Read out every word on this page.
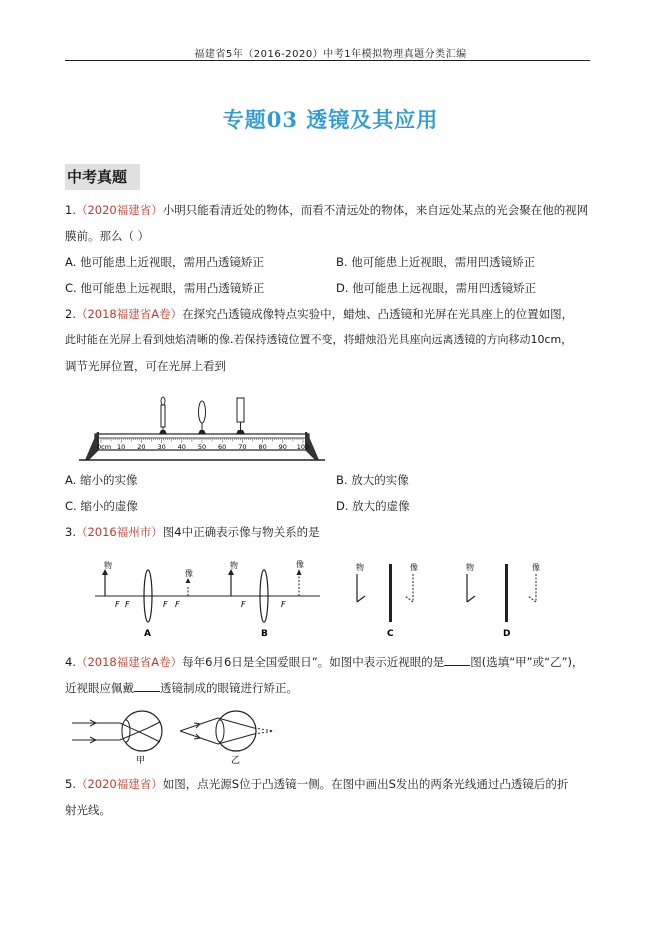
福建省5年（2016-2020）中考1年模拟物理真题分类汇编
专题03 透镜及其应用
中考真题
1.（2020福建省）小明只能看清近处的物体，而看不清远处的物体，来自远处某点的光会聚在他的视网
膜前。那么（ ）
A. 他可能患上近视眼，需用凸透镜矫正	B. 他可能患上近视眼，需用凹透镜矫正
C. 他可能患上远视眼，需用凸透镜矫正	D. 他可能患上远视眼，需用凹透镜矫正
2.（2018福建省A卷）在探究凸透镜成像特点实验中，蜡烛、凸透镜和光屏在光具座上的位置如图，
此时能在光屏上看到烛焰清晰的像.若保持透镜位置不变，将蜡烛沿光具座向远离透镜的方向移动10cm，
调节光屏位置，可在光屏上看到
0cm 10 20 30 40 50 60 70 80 90 100
A. 缩小的实像	B. 放大的实像
C. 缩小的虚像	D. 放大的虚像
3.（2016福州市）图4中正确表示像与物关系的是
物
F F	F F
像
A
物
F	F
像
B
物	像
C
物	像
D
4.（2018福建省A卷）每年6月6日是全国爱眼日”。如图中表示近视眼的是 图(选填“甲”或“乙”)，
近视眼应佩戴 透镜制成的眼镜进行矫正。
甲	乙
5.（2020福建省）如图，点光源S位于凸透镜一侧。在图中画出S发出的两条光线通过凸透镜后的折
射光线。
